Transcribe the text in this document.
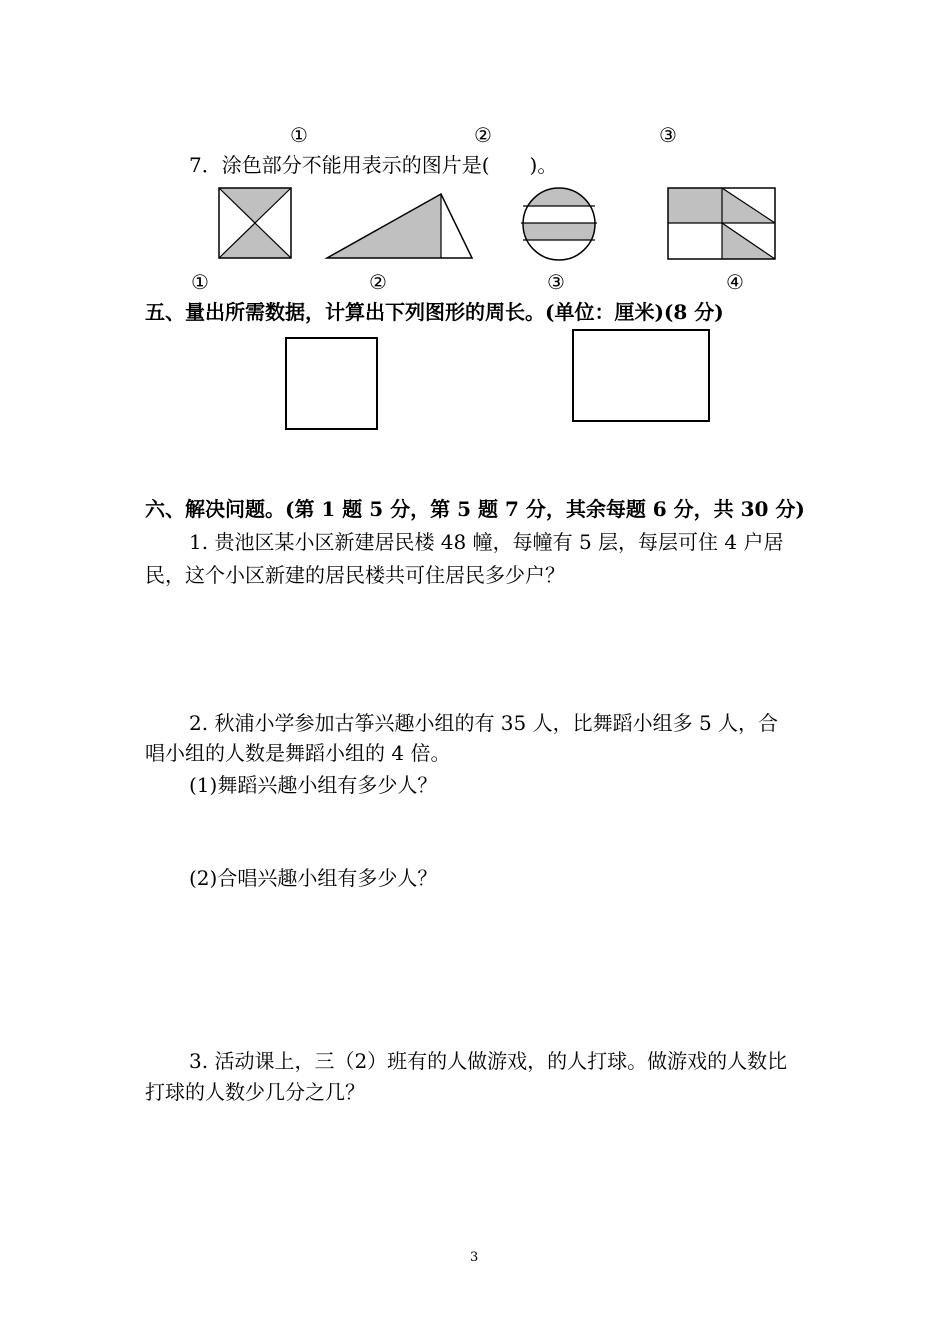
①	②	③
7．涂色部分不能用表示的图片是(　　)。
①	②	③	④
五、量出所需数据，计算出下列图形的周长。(单位：厘米)(8 分)
六、解决问题。(第 1 题 5 分，第 5 题 7 分，其余每题 6 分，共 30 分)
1. 贵池区某小区新建居民楼 48 幢，每幢有 5 层，每层可住 4 户居
民，这个小区新建的居民楼共可住居民多少户？
2. 秋浦小学参加古筝兴趣小组的有 35 人，比舞蹈小组多 5 人，合
唱小组的人数是舞蹈小组的 4 倍。
(1)舞蹈兴趣小组有多少人？
(2)合唱兴趣小组有多少人？
3. 活动课上，三（2）班有的人做游戏，的人打球。做游戏的人数比
打球的人数少几分之几？
3
